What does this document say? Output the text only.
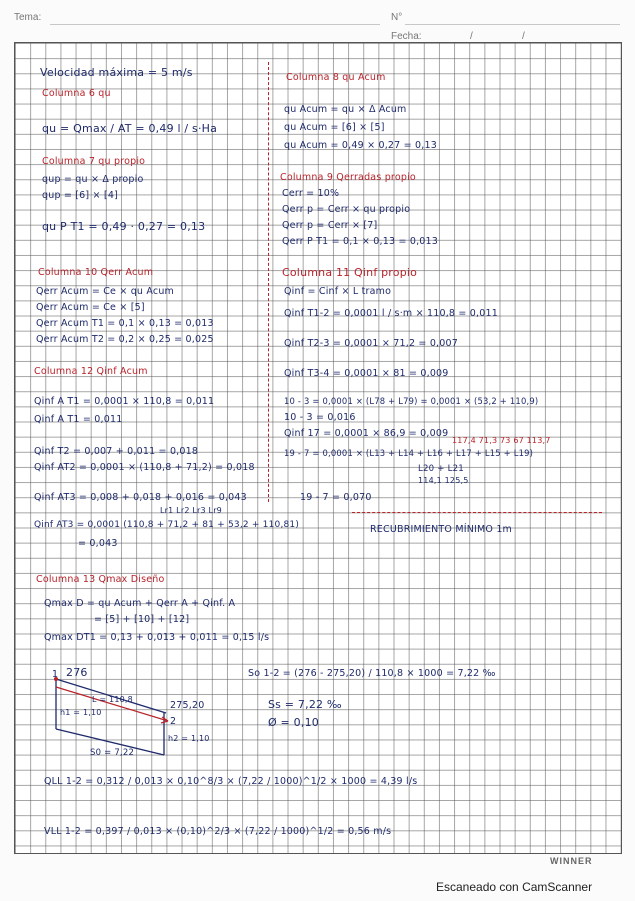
Tema:	N°
Fecha:	/	/
Velocidad máxima = 5 m/s
Columna 6 qu
qu = Qmax / AT = 0,49 l / s·Ha
Columna 7 qu propio
qup = qu × Δ propio
qup = [6] × [4]
qu P T1 = 0,49 · 0,27 = 0,13
Columna 10 Qerr Acum
Qerr Acum = Ce × qu Acum
Qerr Acum = Ce × [5]
Qerr Acum T1 = 0,1 × 0,13 = 0,013
Qerr Acum T2 = 0,2 × 0,25 = 0,025
Columna 12 Qinf Acum
Qinf A T1 = 0,0001 × 110,8 = 0,011
Qinf A T1 = 0,011
Qinf T2 = 0,007 + 0,011 = 0,018
Qinf AT2 = 0,0001 × (110,8 + 71,2) = 0,018
Qinf AT3 = 0,008 + 0,018 + 0,016 = 0,043
Lr1 Lr2 Lr3 Lr9
Qinf AT3 = 0,0001 (110,8 + 71,2 + 81 + 53,2 + 110,81)
= 0,043
Columna 13 Qmax Diseño
Qmax D = qu Acum + Qerr A + Qinf. A
= [5] + [10] + [12]
Qmax DT1 = 0,13 + 0,013 + 0,011 = 0,15 l/s
Columna 8 qu Acum
qu Acum = qu × Δ Acum
qu Acum = [6] × [5]
qu Acum = 0,49 × 0,27 = 0,13
Columna 9 Qerradas propio
Cerr = 10%
Qerr p = Cerr × qu propio
Qerr p = Cerr × [7]
Qerr P T1 = 0,1 × 0,13 = 0,013
Columna 11 Qinf propio
Qinf = Cinf × L tramo
Qinf T1-2 = 0,0001 l / s·m × 110,8 = 0,011
Qinf T2-3 = 0,0001 × 71,2 = 0,007
Qinf T3-4 = 0,0001 × 81 = 0,009
10 - 3 = 0,0001 × (L78 + L79) = 0,0001 × (53,2 + 110,9)
10 - 3 = 0,016
Qinf 17 = 0,0001 × 86,9 = 0,009
117,4 71,3 73 67 113,7
19 - 7 = 0,0001 × (L13 + L14 + L16 + L17 + L15 + L19)
L20 + L21
114,1 125,5
19 - 7 = 0,070
RECUBRIMIENTO MÍNIMO 1m
1
2
276
275,20
L = 110,8
h1 = 1,10
h2 = 1,10
S0 = 7,22
So 1-2 = (276 - 275,20) / 110,8 × 1000 = 7,22 ‰
Ss = 7,22 ‰
Ø = 0,10
QLL 1-2 = 0,312 / 0,013 × 0,10^8/3 × (7,22 / 1000)^1/2 × 1000 = 4,39 l/s
VLL 1-2 = 0,397 / 0,013 × (0,10)^2/3 × (7,22 / 1000)^1/2 = 0,56 m/s
WINNER
Escaneado con CamScanner
